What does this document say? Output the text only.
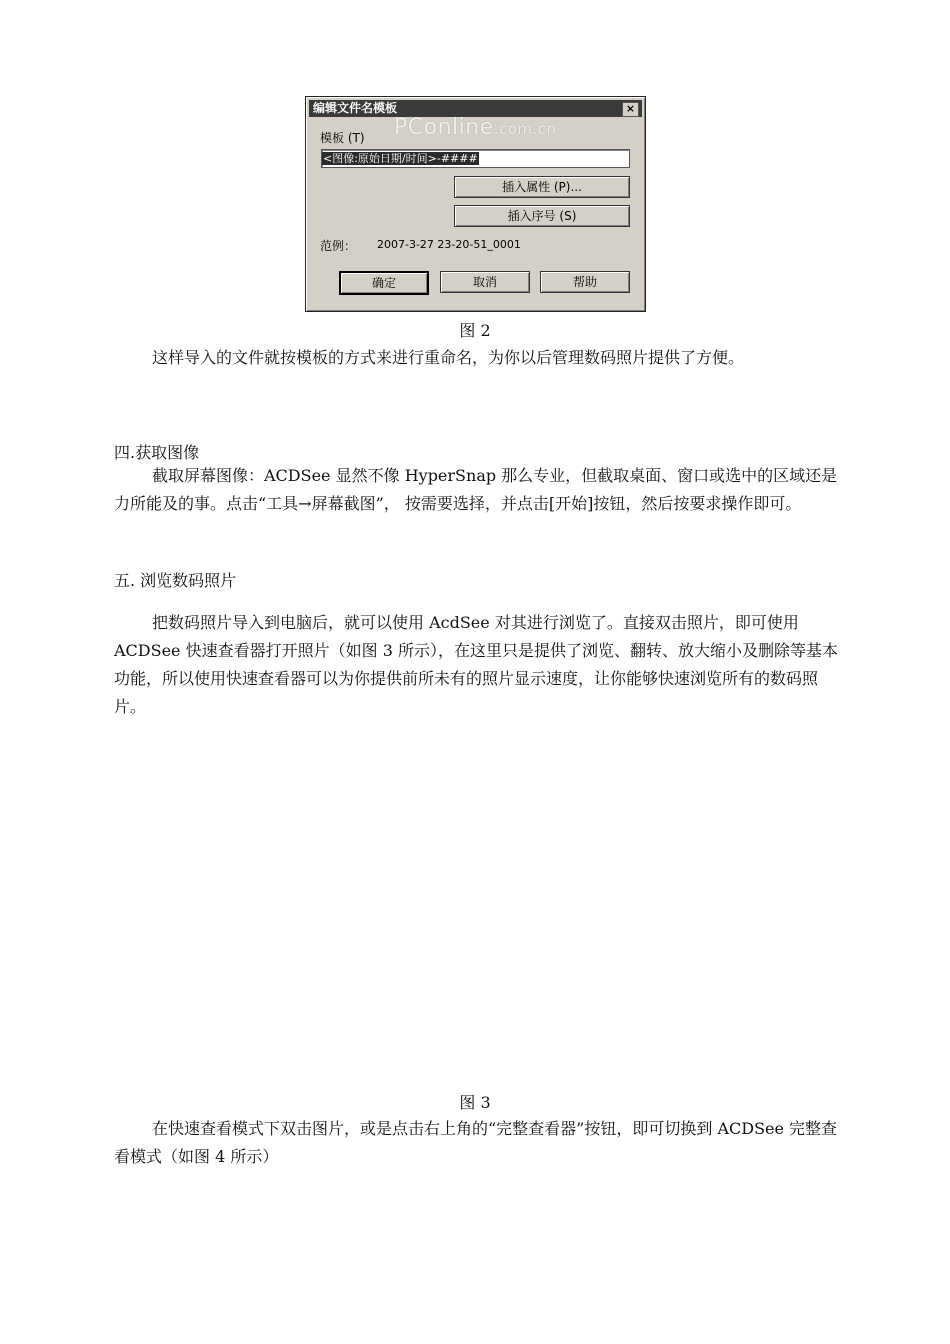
编辑文件名模板	×
PConline.com.cn
模板 (T)
<图像:原始日期/时间>-####
插入属性 (P)...
插入序号 (S)
范例： 2007-3-27 23-20-51_0001
确定	取消	帮助
图 2
这样导入的文件就按模板的方式来进行重命名，为你以后管理数码照片提供了方便。
四.获取图像
截取屏幕图像：ACDSee 显然不像 HyperSnap 那么专业，但截取桌面、窗口或选中的区域还是力所能及的事。点击“工具→屏幕截图”， 按需要选择，并点击[开始]按钮，然后按要求操作即可。
五. 浏览数码照片
把数码照片导入到电脑后，就可以使用 AcdSee 对其进行浏览了。直接双击照片，即可使用 ACDSee 快速查看器打开照片（如图 3 所示），在这里只是提供了浏览、翻转、放大缩小及删除等基本功能，所以使用快速查看器可以为你提供前所未有的照片显示速度，让你能够快速浏览所有的数码照片。
图 3
在快速查看模式下双击图片，或是点击右上角的“完整查看器”按钮，即可切换到 ACDSee 完整查看模式（如图 4 所示）
